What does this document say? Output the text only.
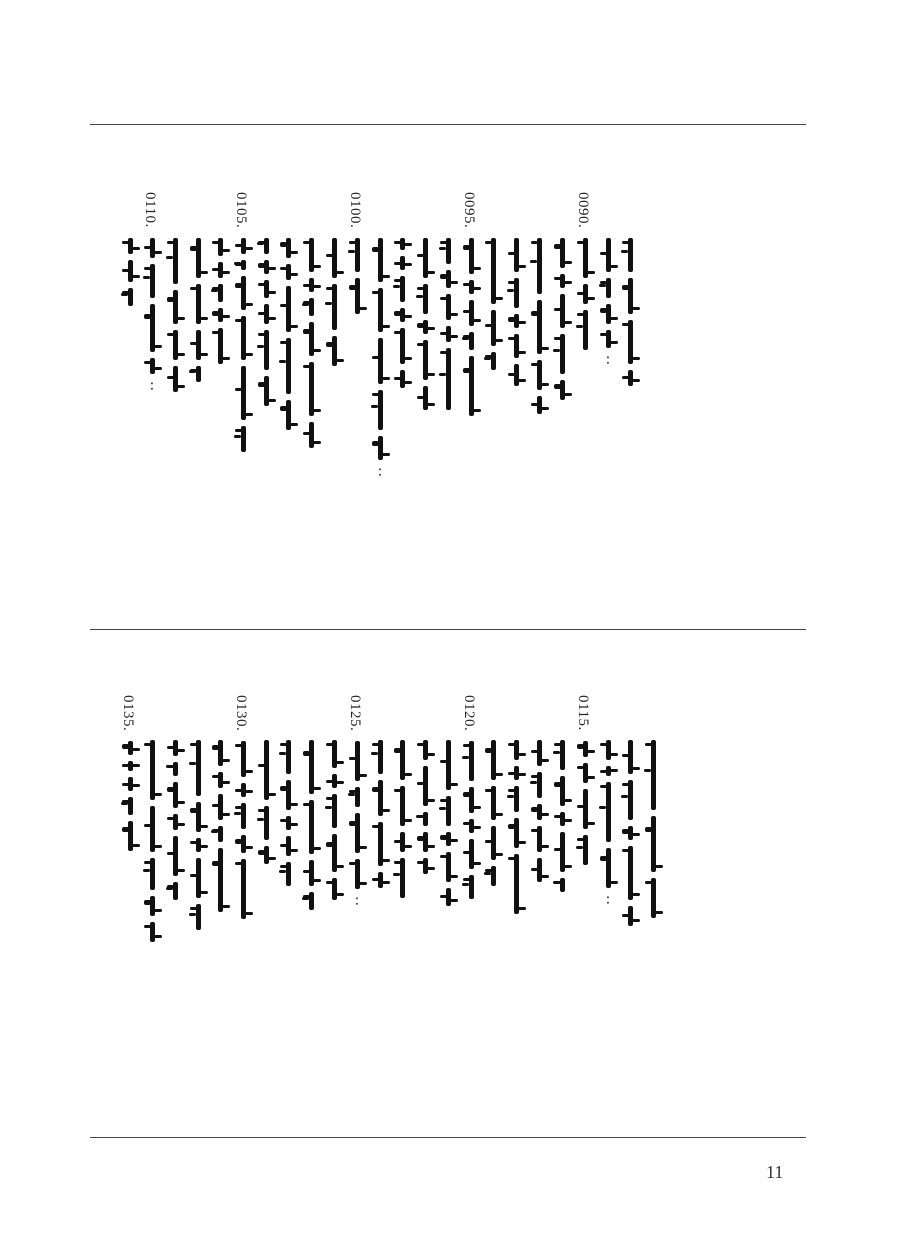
0110.
∶
0105.	0100.
∶
0095.	0090.
∶
0135.	0130.	0125.
∶
0120.	0115.
∶
11
